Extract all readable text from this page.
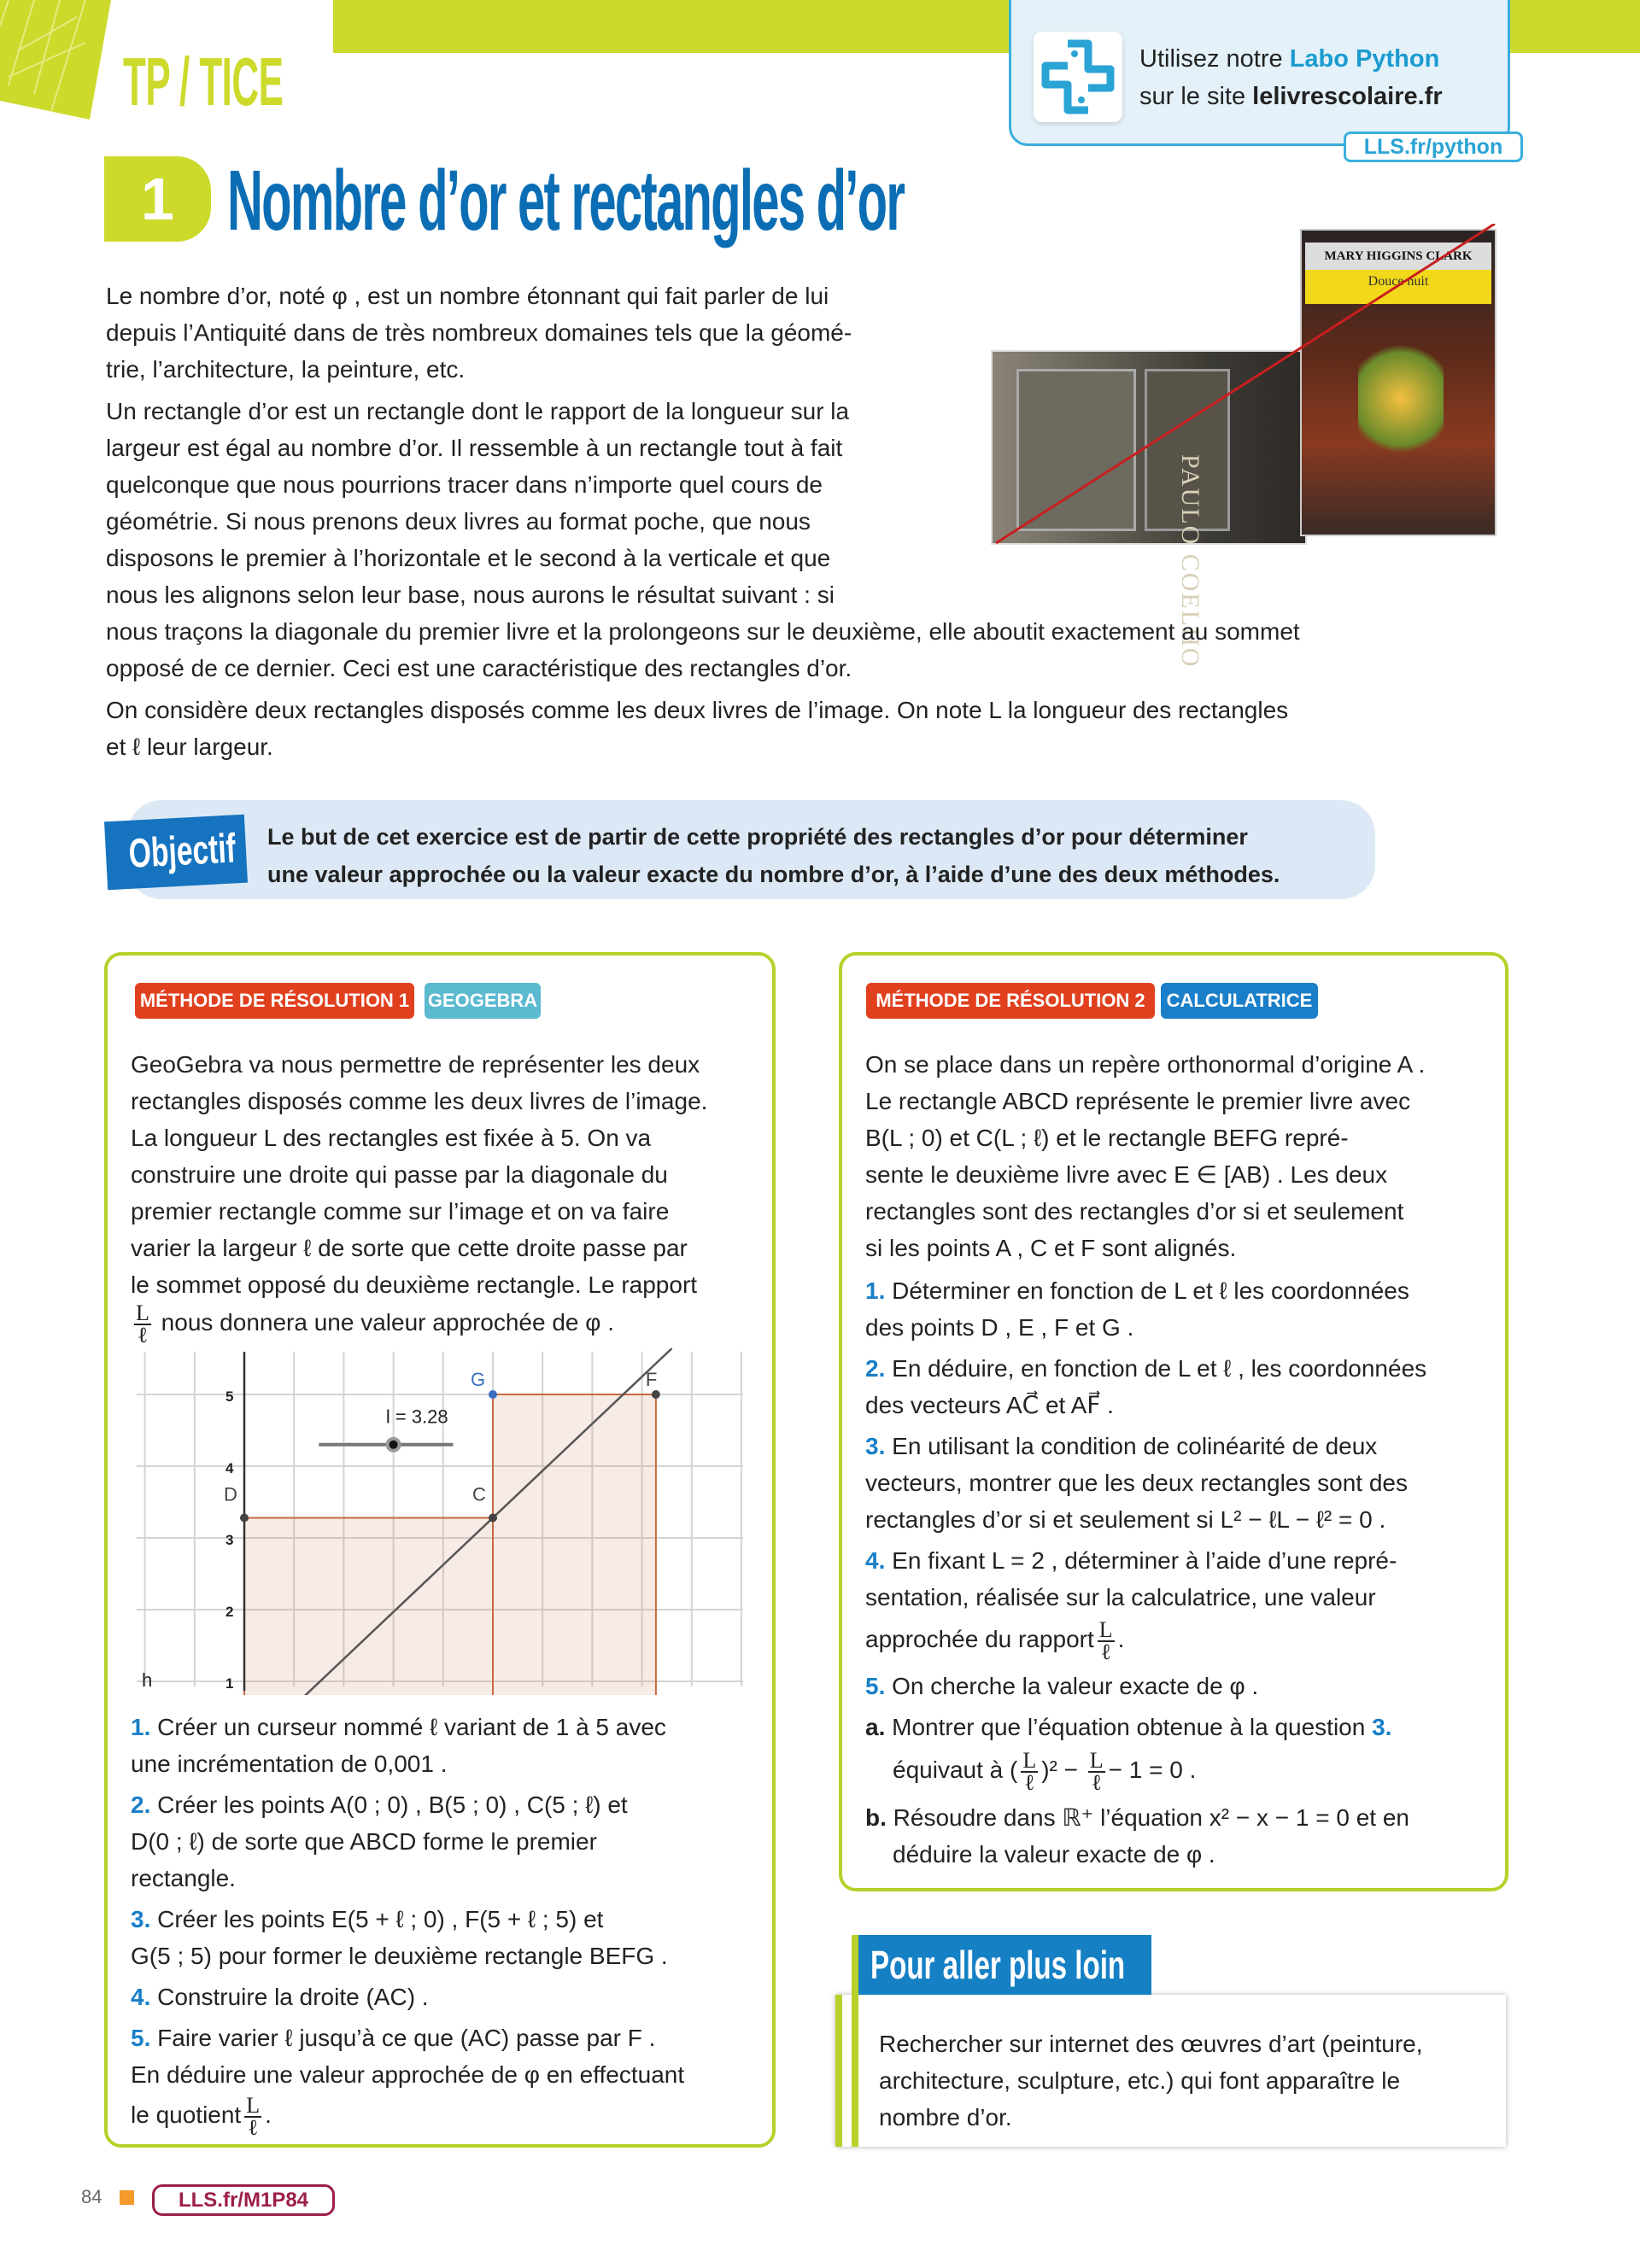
TP / TICE	Utilisez notre Labo Python
sur le site lelivrescolaire.fr
LLS.fr/python
1 Nombre d’or et rectangles d’or
PAULO COELHO
MARY HIGGINS CLARK
Douce nuit
Le nombre d’or, noté φ , est un nombre étonnant qui fait parler de lui
depuis l’Antiquité dans de très nombreux domaines tels que la géomé-
trie, l’architecture, la peinture, etc.
Un rectangle d’or est un rectangle dont le rapport de la longueur sur la
largeur est égal au nombre d’or. Il ressemble à un rectangle tout à fait
quelconque que nous pourrions tracer dans n’importe quel cours de
géométrie. Si nous prenons deux livres au format poche, que nous
disposons le premier à l’horizontale et le second à la verticale et que
nous les alignons selon leur base, nous aurons le résultat suivant : si
nous traçons la diagonale du premier livre et la prolongeons sur le deuxième, elle aboutit exactement au sommet
opposé de ce dernier. Ceci est une caractéristique des rectangles d’or.
On considère deux rectangles disposés comme les deux livres de l’image. On note L la longueur des rectangles
et ℓ leur largeur.
Objectif	Le but de cet exercice est de partir de cette propriété des rectangles d’or pour déterminer
une valeur approchée ou la valeur exacte du nombre d’or, à l’aide d’une des deux méthodes.
MÉTHODE DE RÉSOLUTION 1 GEOGEBRA
GeoGebra va nous permettre de représenter les deux
rectangles disposés comme les deux livres de l’image.
La longueur L des rectangles est fixée à 5. On va
construire une droite qui passe par la diagonale du
premier rectangle comme sur l’image et on va faire
varier la largeur ℓ de sorte que cette droite passe par
le sommet opposé du deuxième rectangle. Le rapport
$\frac{L}{\text{ℓ}}$ nous donnera une valeur approchée de φ .
1
2
3
4
5
h
C
D
F
G
l = 3.28
1. Créer un curseur nommé ℓ variant de 1 à 5 avec
une incrémentation de 0,001 .
2. Créer les points A(0 ; 0) , B(5 ; 0) , C(5 ; ℓ) et
D(0 ; ℓ) de sorte que ABCD forme le premier
rectangle.
3. Créer les points E(5 + ℓ ; 0) , F(5 + ℓ ; 5) et
G(5 ; 5) pour former le deuxième rectangle BEFG .
4. Construire la droite (AC) .
5. Faire varier ℓ jusqu’à ce que (AC) passe par F .
En déduire une valeur approchée de φ en effectuant
le quotient $\frac{L}{\text{ℓ}}$ .
MÉTHODE DE RÉSOLUTION 2	CALCULATRICE
On se place dans un repère orthonormal d’origine A .
Le rectangle ABCD représente le premier livre avec
B(L ; 0) et C(L ; ℓ) et le rectangle BEFG repré-
sente le deuxième livre avec E ∈ [AB) . Les deux
rectangles sont des rectangles d’or si et seulement
si les points A , C et F sont alignés.
1. Déterminer en fonction de L et ℓ les coordonnées
des points D , E , F et G .
2. En déduire, en fonction de L et ℓ , les coordonnées
des vecteurs AC⃗ et AF⃗ .
3. En utilisant la condition de colinéarité de deux
vecteurs, montrer que les deux rectangles sont des
rectangles d’or si et seulement si L² − ℓL − ℓ² = 0 .
4. En fixant L = 2 , déterminer à l’aide d’une repré-
sentation, réalisée sur la calculatrice, une valeur
approchée du rapport $\frac{L}{\text{ℓ}}$ .
5. On cherche la valeur exacte de φ .
a. Montrer que l’équation obtenue à la question 3.
équivaut à ( $\frac{L}{\text{ℓ}} )^2 - \frac{L}{\text{ℓ}} - 1 = 0$ .
b. Résoudre dans ℝ⁺ l’équation x² − x − 1 = 0 et en
déduire la valeur exacte de φ .
Rechercher sur internet des œuvres d’art (peinture,
architecture, sculpture, etc.) qui font apparaître le
nombre d’or.
Pour aller plus loin
84	LLS.fr/M1P84
